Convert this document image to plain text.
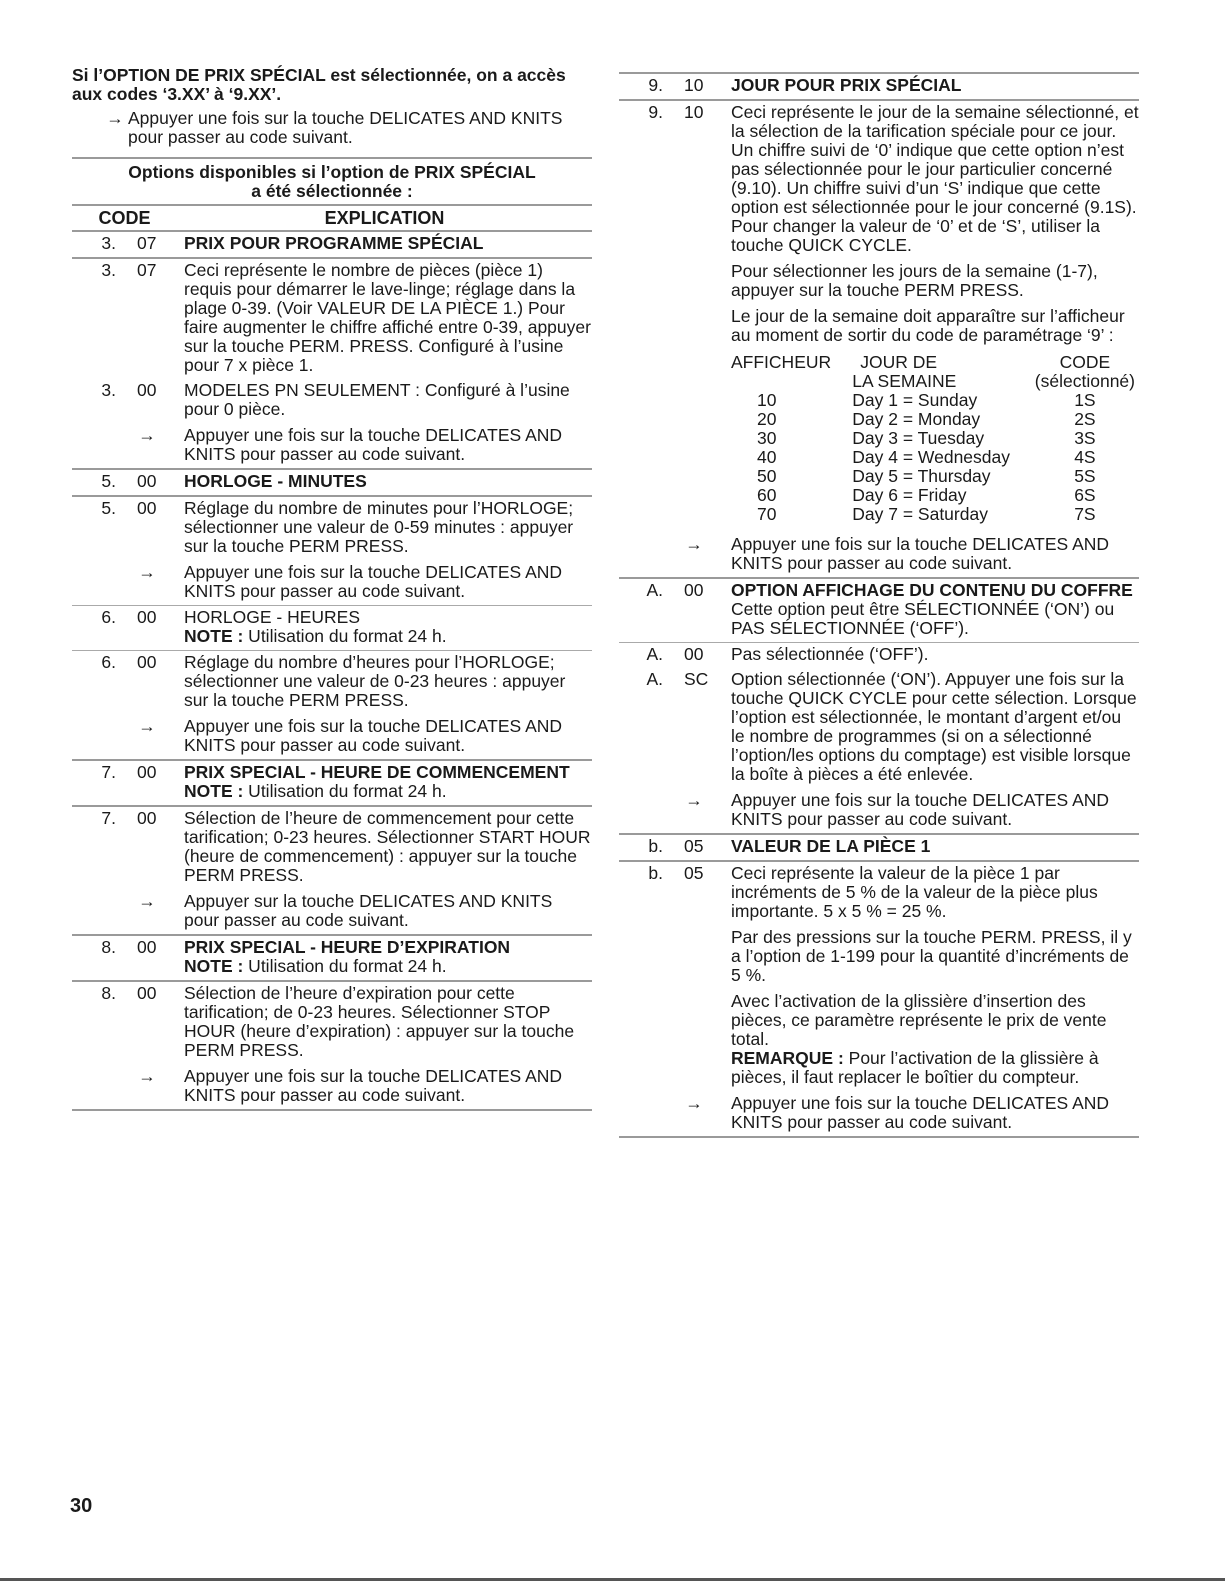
Si l’OPTION DE PRIX SPÉCIAL est sélectionnée, on a accès aux codes ‘3.XX’ à ‘9.XX’.
→ Appuyer une fois sur la touche DELICATES AND KNITS pour passer au code suivant.
Options disponibles si l’option de PRIX SPÉCIAL
a été sélectionnée :
CODE	EXPLICATION
3.	07	PRIX POUR PROGRAMME SPÉCIAL
3.	07	Ceci représente le nombre de pièces (pièce 1) requis pour démarrer le lave-linge; réglage dans la plage 0-39. (Voir VALEUR DE LA PIÈCE 1.) Pour faire augmenter le chiffre affiché entre 0-39, appuyer sur la touche PERM. PRESS. Configuré à l’usine pour 7 x pièce 1.
3.	00	MODELES PN SEULEMENT : Configuré à l’usine pour 0 pièce.
→	Appuyer une fois sur la touche DELICATES AND KNITS pour passer au code suivant.
5.	00	HORLOGE - MINUTES
5.	00	Réglage du nombre de minutes pour l’HORLOGE; sélectionner une valeur de 0-59 minutes : appuyer sur la touche PERM PRESS.
→	Appuyer une fois sur la touche DELICATES AND KNITS pour passer au code suivant.
6.	00	HORLOGE - HEURES
NOTE : Utilisation du format 24 h.
6.	00	Réglage du nombre d’heures pour l’HORLOGE; sélectionner une valeur de 0-23 heures : appuyer sur la touche PERM PRESS.
→	Appuyer une fois sur la touche DELICATES AND KNITS pour passer au code suivant.
7.	00	PRIX SPECIAL - HEURE DE COMMENCEMENT
NOTE : Utilisation du format 24 h.
7.	00	Sélection de l’heure de commencement pour cette tarification; 0-23 heures. Sélectionner START HOUR (heure de commencement) : appuyer sur la touche PERM PRESS.
→	Appuyer sur la touche DELICATES AND KNITS pour passer au code suivant.
8.	00	PRIX SPECIAL - HEURE D’EXPIRATION
NOTE : Utilisation du format 24 h.
8.	00	Sélection de l’heure d’expiration pour cette tarification; de 0-23 heures. Sélectionner STOP HOUR (heure d’expiration) : appuyer sur la touche PERM PRESS.
→	Appuyer une fois sur la touche DELICATES AND KNITS pour passer au code suivant.
9.	10	JOUR POUR PRIX SPÉCIAL
9.	10	Ceci représente le jour de la semaine sélectionné, et la sélection de la tarification spéciale pour ce jour. Un chiffre suivi de ‘0’ indique que cette option n’est pas sélectionnée pour le jour particulier concerné (9.10). Un chiffre suivi d’un ‘S’ indique que cette option est sélectionnée pour le jour concerné (9.1S). Pour changer la valeur de ‘0’ et de ‘S’, utiliser la touche QUICK CYCLE.
Pour sélectionner les jours de la semaine (1-7), appuyer sur la touche PERM PRESS.
Le jour de la semaine doit apparaître sur l’afficheur au moment de sortir du code de paramétrage ‘9’ :
AFFICHEUR	JOUR DE	CODE
	LA SEMAINE	(sélectionné)
10	Day 1 = Sunday	1S
20	Day 2 = Monday	2S
30	Day 3 = Tuesday	3S
40	Day 4 = Wednesday	4S
50	Day 5 = Thursday	5S
60	Day 6 = Friday	6S
70	Day 7 = Saturday	7S
→	Appuyer une fois sur la touche DELICATES AND KNITS pour passer au code suivant.
A.	00	OPTION AFFICHAGE DU CONTENU DU COFFRE
Cette option peut être SÉLECTIONNÉE (‘ON’) ou PAS SÉLECTIONNÉE (‘OFF’).
A.	00	Pas sélectionnée (‘OFF’).
A.	SC	Option sélectionnée (‘ON’). Appuyer une fois sur la touche QUICK CYCLE pour cette sélection. Lorsque l’option est sélectionnée, le montant d’argent et/ou le nombre de programmes (si on a sélectionné l’option/les options du comptage) est visible lorsque la boîte à pièces a été enlevée.
→	Appuyer une fois sur la touche DELICATES AND KNITS pour passer au code suivant.
b.	05	VALEUR DE LA PIÈCE 1
b.	05	Ceci représente la valeur de la pièce 1 par incréments de 5 % de la valeur de la pièce plus importante. 5 x 5 % = 25 %.
Par des pressions sur la touche PERM. PRESS, il y a l’option de 1-199 pour la quantité d’incréments de 5 %.
Avec l’activation de la glissière d’insertion des pièces, ce paramètre représente le prix de vente total.
REMARQUE : Pour l’activation de la glissière à pièces, il faut replacer le boîtier du compteur.
→	Appuyer une fois sur la touche DELICATES AND KNITS pour passer au code suivant.
30
